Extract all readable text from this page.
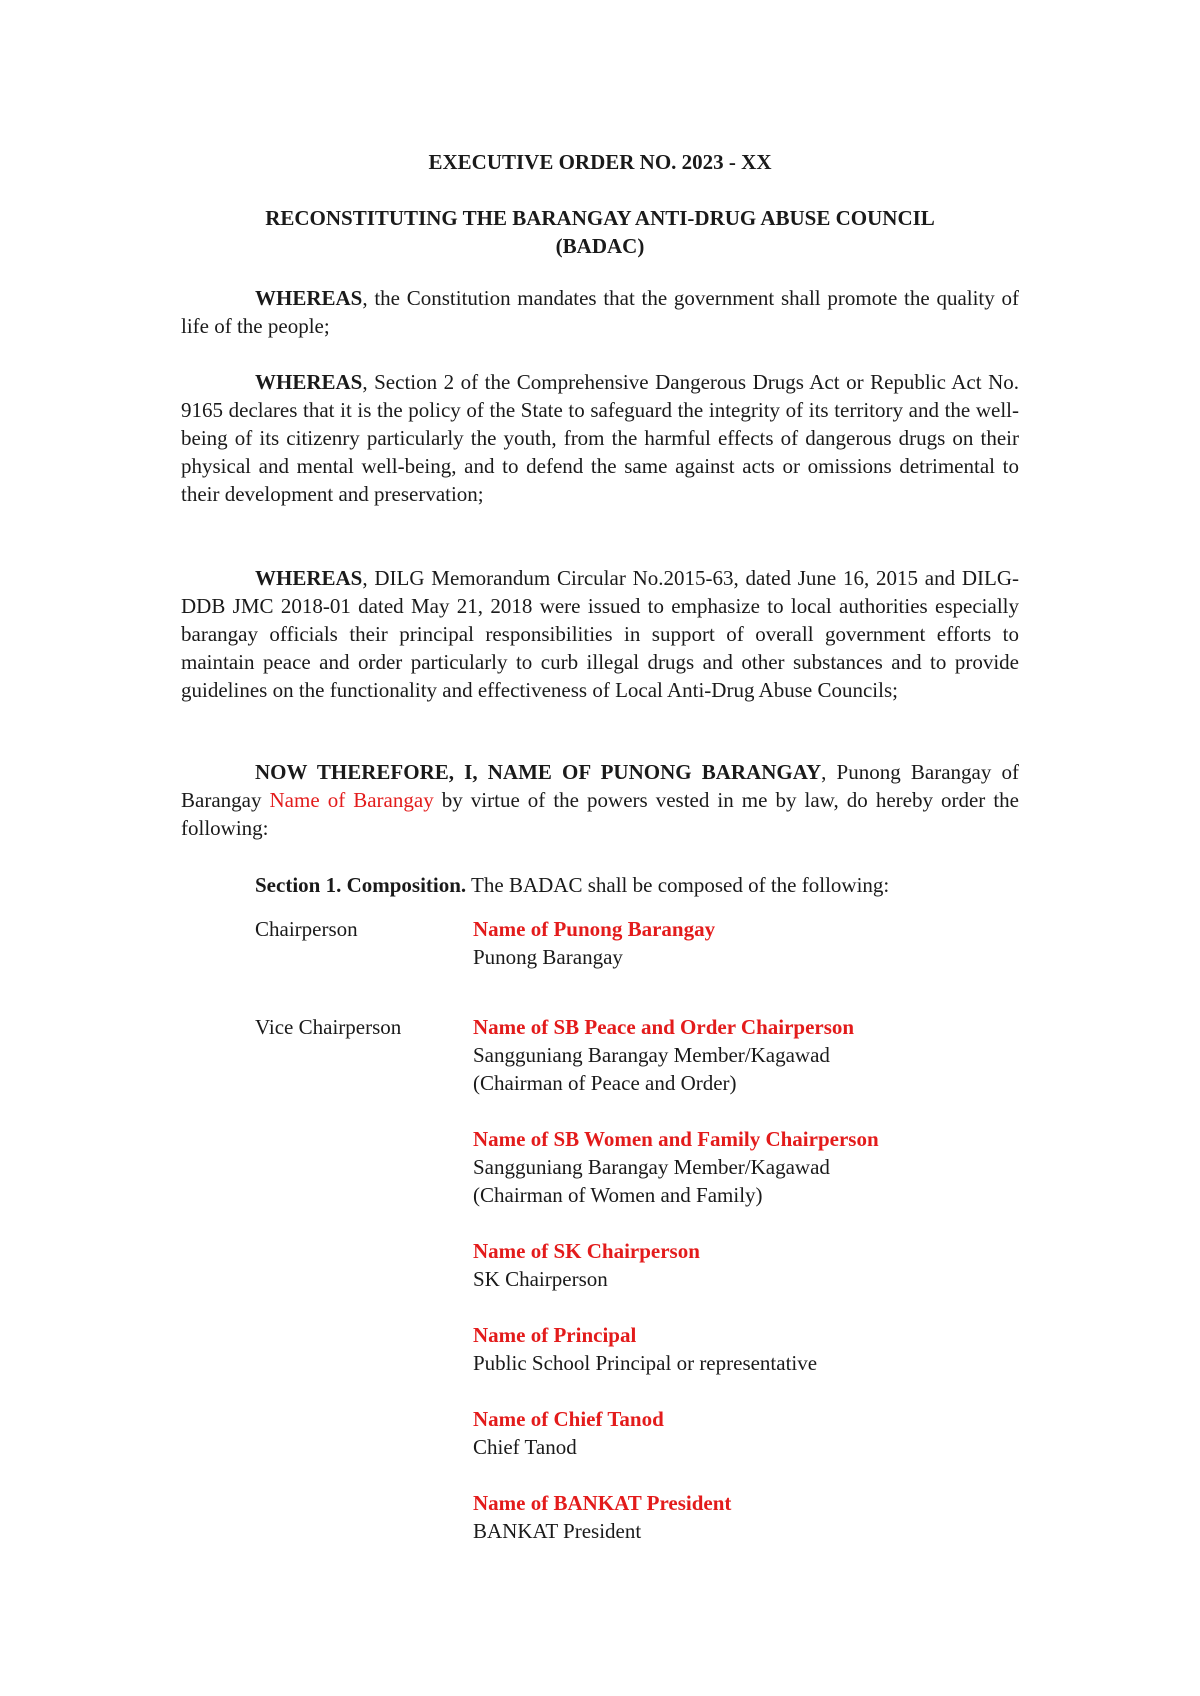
EXECUTIVE ORDER NO. 2023 - XX
RECONSTITUTING THE BARANGAY ANTI-DRUG ABUSE COUNCIL
(BADAC)
WHEREAS, the Constitution mandates that the government shall promote the quality of life of the people;
WHEREAS, Section 2 of the Comprehensive Dangerous Drugs Act or Republic Act No. 9165 declares that it is the policy of the State to safeguard the integrity of its territory and the well-being of its citizenry particularly the youth, from the harmful effects of dangerous drugs on their physical and mental well-being, and to defend the same against acts or omissions detrimental to their development and preservation;
WHEREAS, DILG Memorandum Circular No.2015-63, dated June 16, 2015 and DILG-DDB JMC 2018-01 dated May 21, 2018 were issued to emphasize to local authorities especially barangay officials their principal responsibilities in support of overall government efforts to maintain peace and order particularly to curb illegal drugs and other substances and to provide guidelines on the functionality and effectiveness of Local Anti-Drug Abuse Councils;
NOW THEREFORE, I, NAME OF PUNONG BARANGAY, Punong Barangay of Barangay Name of Barangay by virtue of the powers vested in me by law, do hereby order the following:
Section 1. Composition. The BADAC shall be composed of the following:
Chairperson
Vice Chairperson
Name of Punong Barangay
Punong Barangay
Name of SB Peace and Order Chairperson
Sangguniang Barangay Member/Kagawad
(Chairman of Peace and Order)
Name of SB Women and Family Chairperson
Sangguniang Barangay Member/Kagawad
(Chairman of Women and Family)
Name of SK Chairperson
SK Chairperson
Name of Principal
Public School Principal or representative
Name of Chief Tanod
Chief Tanod
Name of BANKAT President
BANKAT President
